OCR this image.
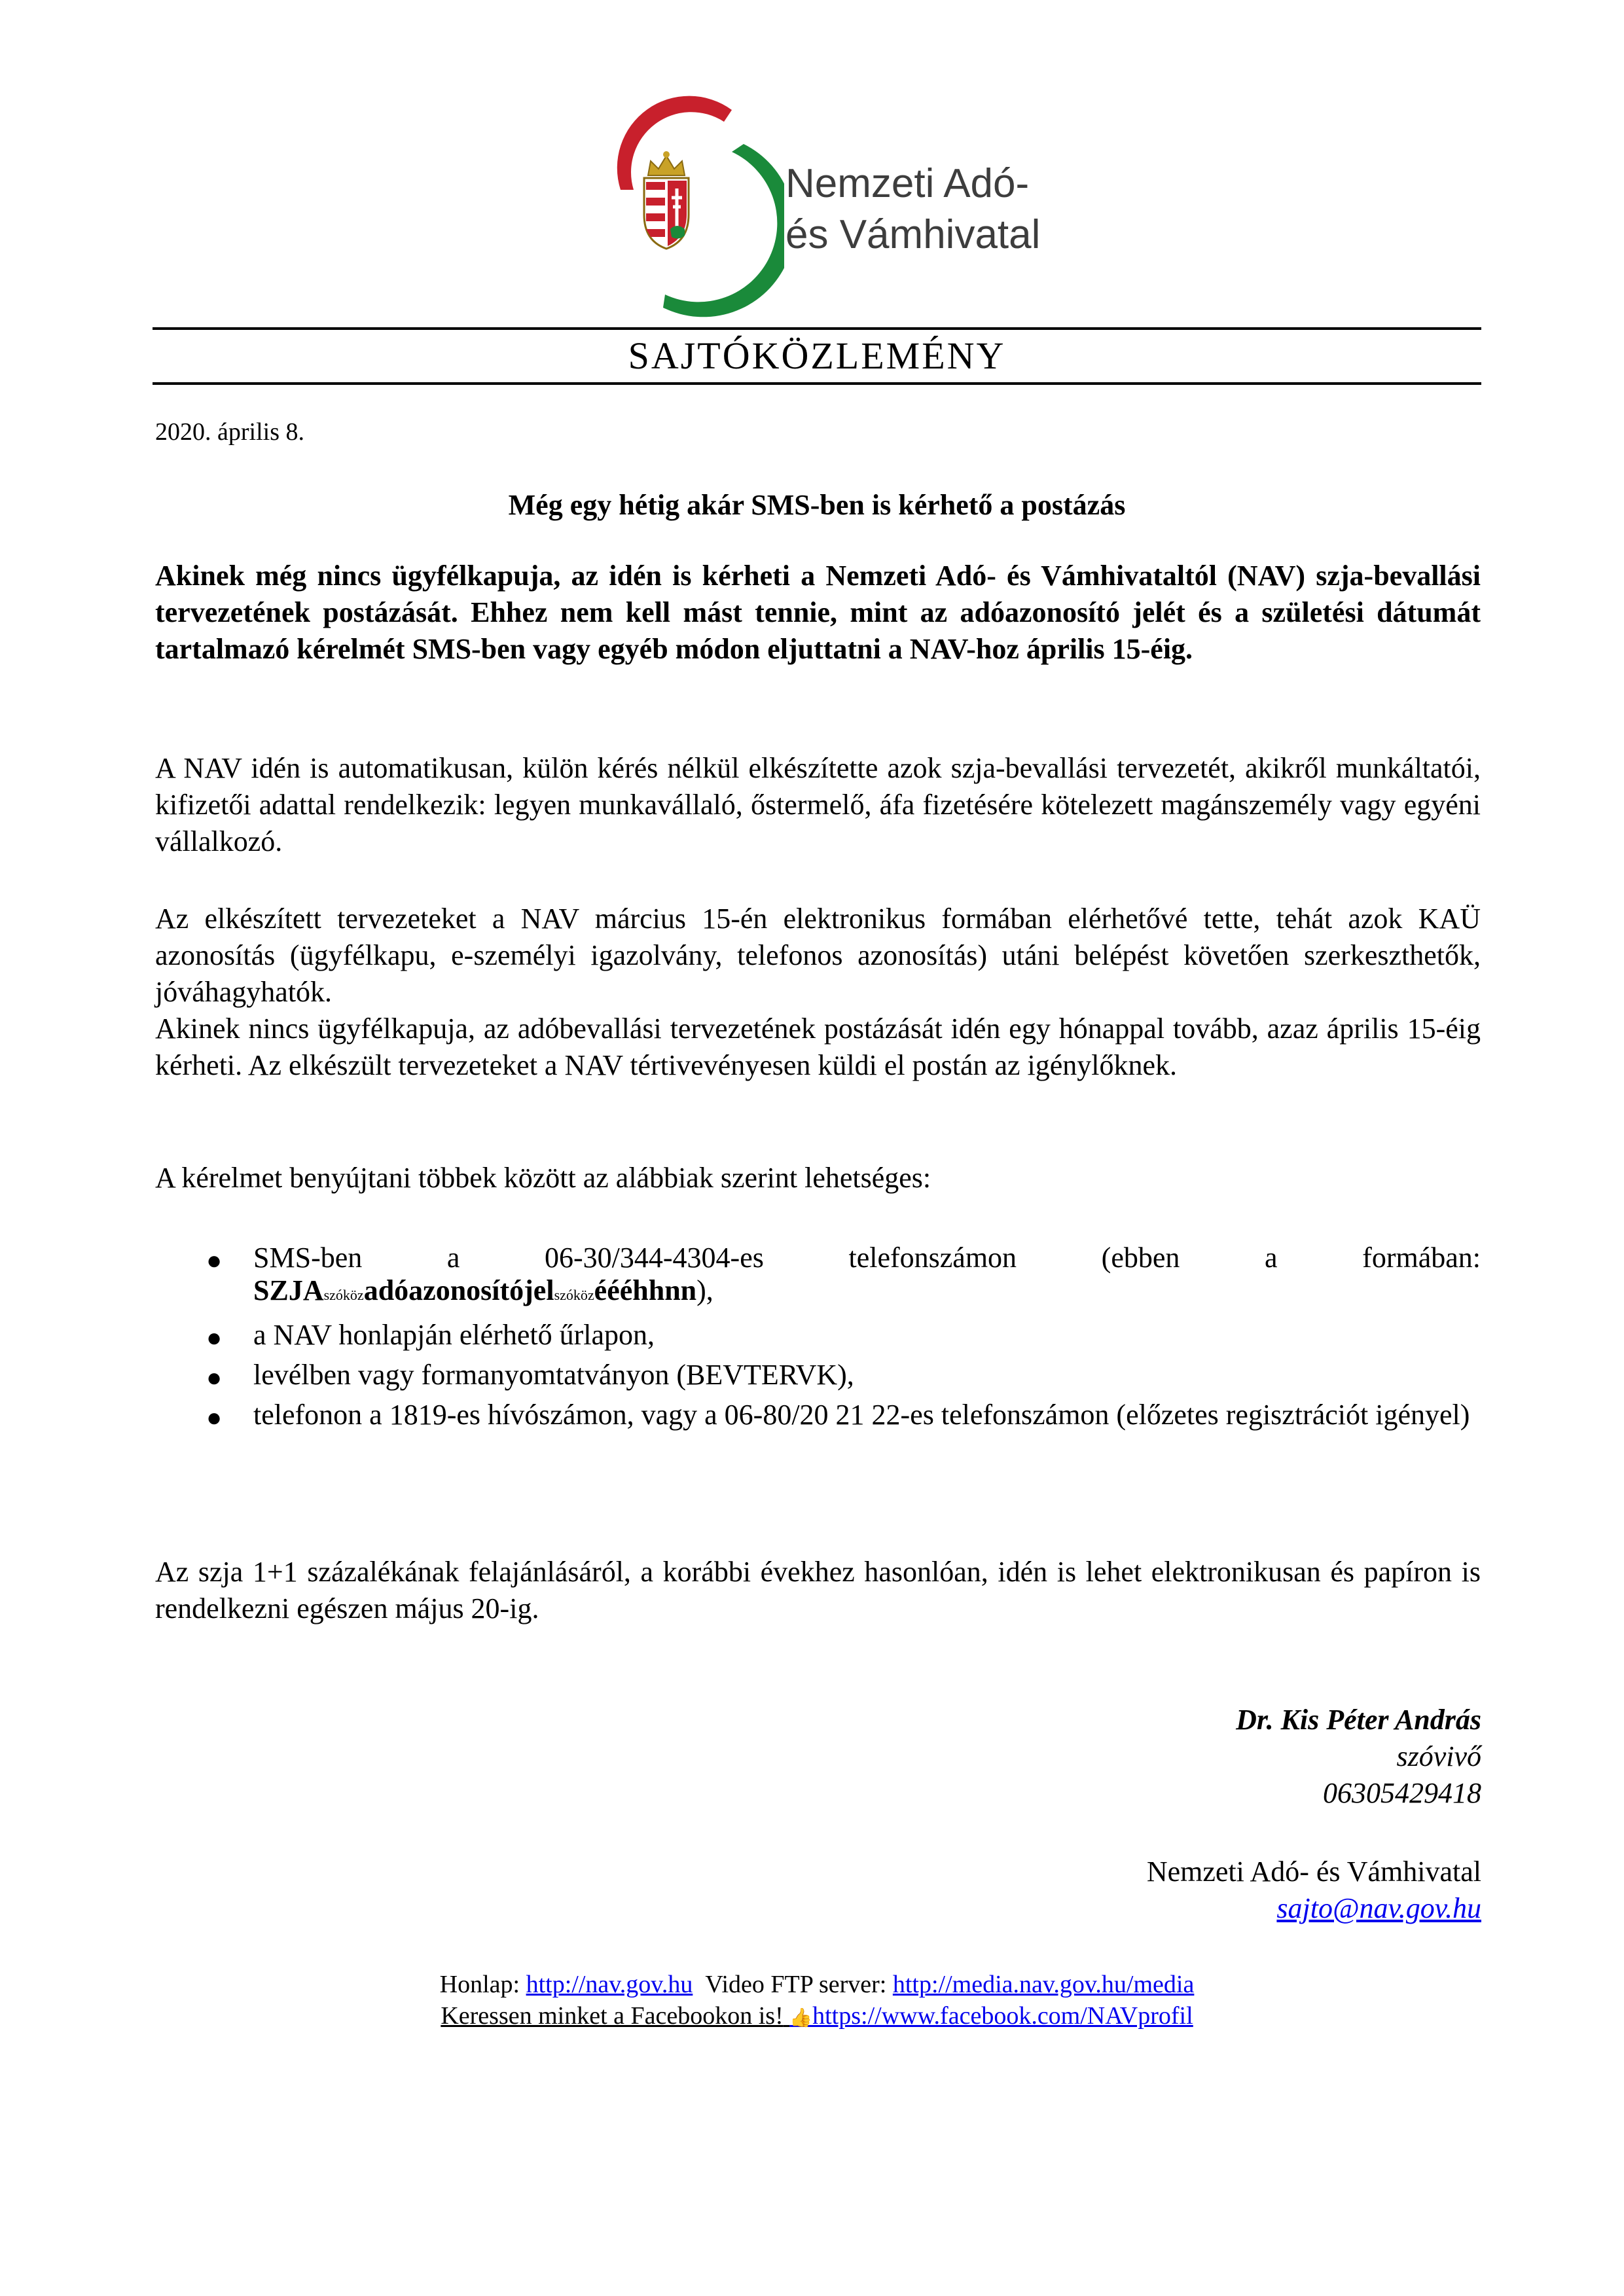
Nemzeti Adó-
és Vámhivatal
SAJTÓKÖZLEMÉNY
2020. április 8.
Még egy hétig akár SMS-ben is kérhető a postázás

Akinek még nincs ügyfélkapuja, az idén is kérheti a Nemzeti Adó- és Vámhivataltól (NAV) szja-bevallási tervezetének postázását. Ehhez nem kell mást tennie, mint az adóazonosító jelét és a születési dátumát tartalmazó kérelmét SMS-ben vagy egyéb módon eljuttatni a NAV-hoz április 15-éig.

A NAV idén is automatikusan, külön kérés nélkül elkészítette azok szja-bevallási tervezetét, akikről munkáltatói, kifizetői adattal rendelkezik: legyen munkavállaló, őstermelő, áfa fizetésére kötelezett magánszemély vagy egyéni vállalkozó.

Az elkészített tervezeteket a NAV március 15-én elektronikus formában elérhetővé tette, tehát azok KAÜ azonosítás (ügyfélkapu, e-személyi igazolvány, telefonos azonosítás) utáni belépést követően szerkeszthetők, jóváhagyhatók.

Akinek nincs ügyfélkapuja, az adóbevallási tervezetének postázását idén egy hónappal tovább, azaz április 15-éig kérheti. Az elkészült tervezeteket a NAV tértivevényesen küldi el postán az igénylőknek.

A kérelmet benyújtani többek között az alábbiak szerint lehetséges:

● SMS-ben a 06-30/344-4304-es telefonszámon (ebben a formában:
SZJAszóközadóazonosítójelszóközéééhhnn),
● a NAV honlapján elérhető űrlapon,
● levélben vagy formanyomtatványon (BEVTERVK),
● telefonon a 1819-es hívószámon, vagy a 06-80/20 21 22-es telefonszámon (előzetes regisztrációt igényel)

Az szja 1+1 százalékának felajánlásáról, a korábbi évekhez hasonlóan, idén is lehet elektronikusan és papíron is rendelkezni egészen május 20-ig.

Dr. Kis Péter András
szóvivő
06305429418
Nemzeti Adó- és Vámhivatal
sajto@nav.gov.hu
Honlap: http://nav.gov.hu Video FTP server: http://media.nav.gov.hu/media
Keressen minket a Facebookon is! 👍https://www.facebook.com/NAVprofil
